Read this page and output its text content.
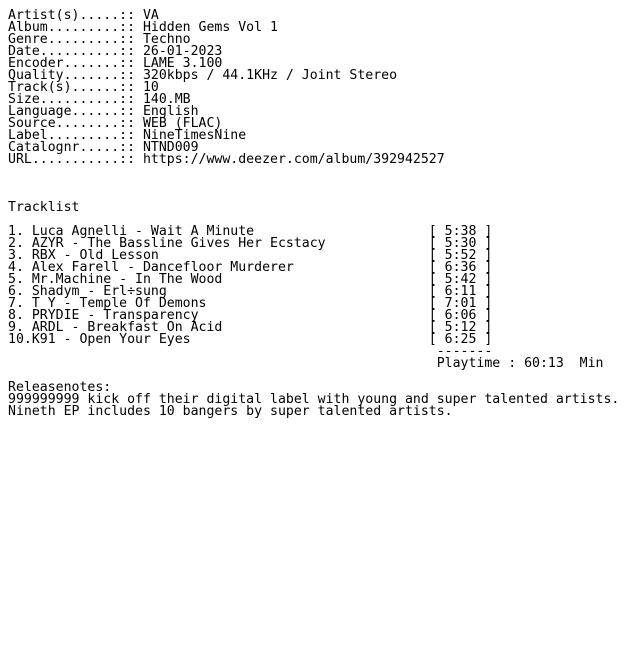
Artist(s).....:: VA
Album.........:: Hidden Gems Vol 1
Genre.........:: Techno
Date..........:: 26-01-2023
Encoder.......:: LAME 3.100
Quality.......:: 320kbps / 44.1KHz / Joint Stereo
Track(s)......:: 10
Size..........:: 140.MB
Language......:: English
Source........:: WEB (FLAC)
Label.........:: NineTimesNine
Catalognr.....:: NTND009
URL...........:: https://www.deezer.com/album/392942527
Tracklist
1. Luca Agnelli - Wait A Minute                      [ 5:38 ]
2. AZYR - The Bassline Gives Her Ecstacy             [ 5:30 ]
3. RBX - Old Lesson                                  [ 5:52 ]
4. Alex Farell - Dancefloor Murderer                 [ 6:36 ]
5. Mr.Machine - In The Wood                          [ 5:42 ]
6. Shadym - Erl÷sung                                 [ 6:11 ]
7. T Y - Temple Of Demons                            [ 7:01 ]
8. PRYDIE - Transparency                             [ 6:06 ]
9. ARDL - Breakfast On Acid                          [ 5:12 ]
10.K91 - Open Your Eyes                              [ 6:25 ]
-------
Playtime : 60:13  Min
Releasenotes:
999999999 kick off their digital label with young and super talented artists.
Nineth EP includes 10 bangers by super talented artists.
